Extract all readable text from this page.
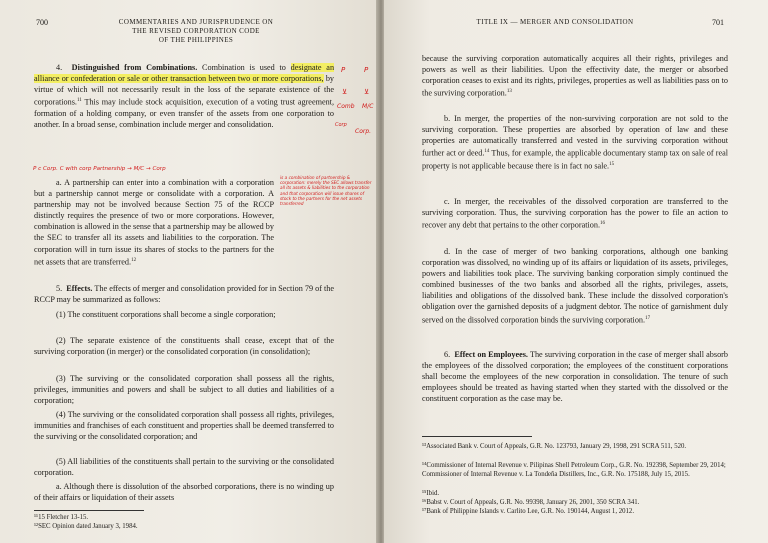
700	COMMENTARIES AND JURISPRUDENCE ON
THE REVISED CORPORATION CODE
OF THE PHILIPPINES
4. Distinguished from Combinations. Combination is used to designate an alliance or confederation or sale or other transaction between two or more corporations, by virtue of which will not necessarily result in the loss of the separate existence of the corporations.$^{11}$ This may include stock acquisition, execution of a voting trust agreement, formation of a holding company, or even transfer of the assets from one corporation to another. In a broad sense, combination include merger and consolidation.
a. A partnership can enter into a combination with a corporation but a partnership cannot merge or consolidate with a corporation. A partnership may not be involved because Section 75 of the RCCP distinctly requires the presence of two or more corporations. However, combination is allowed in the sense that a partnership may be allowed by the SEC to transfer all its assets and liabilities to the corporation. The corporation will in turn issue its shares of stocks to the partners for the net assets that are transferred.$^{12}$
5. Effects. The effects of merger and consolidation provided for in Section 79 of the RCCP may be summarized as follows:
(1) The constituent corporations shall become a single corporation;
(2) The separate existence of the constituents shall cease, except that of the surviving corporation (in merger) or the consolidated corporation (in consolidation);
(3) The surviving or the consolidated corporation shall possess all the rights, privileges, immunities and powers and shall be subject to all duties and liabilities of a corporation;
(4) The surviving or the consolidated corporation shall possess all rights, privileges, immunities and franchises of each constituent and properties shall be deemed transferred to the surviving or the consolidated corporation; and
(5) All liabilities of the constituents shall pertain to the surviving or the consolidated corporation.
a. Although there is dissolution of the absorbed corporations, there is no winding up of their affairs or liquidation of their assets
¹¹15 Fletcher 13-15.
¹²SEC Opinion dated January 3, 1984.
P	P
⊻ ⊻
Comb M/C
Corp
Corp.
P c Corp. C with corp Partnership → M/C → Corp
is a combination of partnership & corporation: merely the SEC allows transfer all its assets & liabilities to the corporation and that corporation will issue shares of stock to the partners for the net assets transferred
TITLE IX — MERGER AND CONSOLIDATION	701
because the surviving corporation automatically acquires all their rights, privileges and powers as well as their liabilities. Upon the effectivity date, the merger or absorbed corporation ceases to exist and its rights, privileges, properties as well as liabilities pass on to the surviving corporation.$^{13}$
b. In merger, the properties of the non-surviving corporation are not sold to the surviving corporation. These properties are absorbed by operation of law and these properties are automatically transferred and vested in the surviving corporation without further act or deed.$^{14}$ Thus, for example, the applicable documentary stamp tax on sale of real property is not applicable because there is in fact no sale.$^{15}$
c. In merger, the receivables of the dissolved corporation are transferred to the surviving corporation. Thus, the surviving corporation has the power to file an action to recover any debt that pertains to the other corporation.$^{16}$
d. In the case of merger of two banking corporations, although one banking corporation was dissolved, no winding up of its affairs or liquidation of its assets, privileges, powers and liabilities took place. The surviving banking corporation simply continued the combined businesses of the two banks and absorbed all the rights, privileges, assets, liabilities and obligations of the dissolved bank. These include the dissolved corporation's obligation over the garnished deposits of a judgment debtor. The notice of garnishment duly served on the dissolved corporation binds the surviving corporation.$^{17}$
6. Effect on Employees. The surviving corporation in the case of merger shall absorb the employees of the dissolved corporation; the employees of the constituent corporations shall become the employees of the new corporation in consolidation. The tenure of such employees should be treated as having started when they started with the dissolved or the constituent corporation as the case may be.
¹³Associated Bank v. Court of Appeals, G.R. No. 123793, January 29, 1998, 291 SCRA 511, 520.
¹⁴Commissioner of Internal Revenue v. Pilipinas Shell Petroleum Corp., G.R. No. 192398, September 29, 2014; Commissioner of Internal Revenue v. La Tondeña Distillers, Inc., G.R. No. 175188, July 15, 2015.
¹⁵Ibid.
¹⁶Babst v. Court of Appeals, G.R. No. 99398, January 26, 2001, 350 SCRA 341.
¹⁷Bank of Philippine Islands v. Carlito Lee, G.R. No. 190144, August 1, 2012.
